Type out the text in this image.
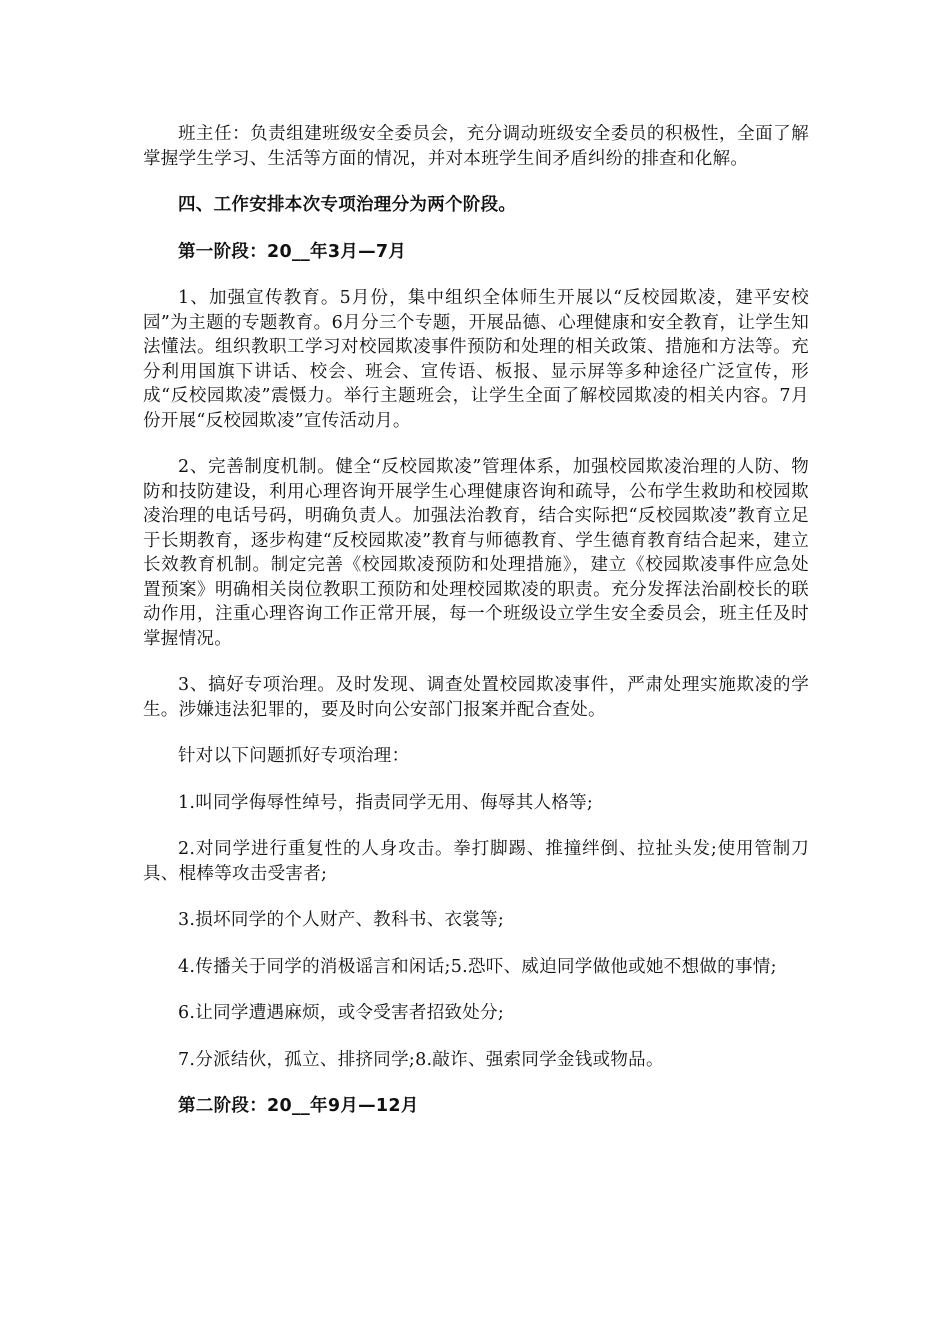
班主任：负责组建班级安全委员会，充分调动班级安全委员的积极性，全面了解掌握学生学习、生活等方面的情况，并对本班学生间矛盾纠纷的排查和化解。

四、工作安排本次专项治理分为两个阶段。

第一阶段：20__年3月—7月

1、加强宣传教育。5月份，集中组织全体师生开展以“反校园欺凌，建平安校园”为主题的专题教育。6月分三个专题，开展品德、心理健康和安全教育，让学生知法懂法。组织教职工学习对校园欺凌事件预防和处理的相关政策、措施和方法等。充分利用国旗下讲话、校会、班会、宣传语、板报、显示屏等多种途径广泛宣传，形成“反校园欺凌”震慑力。举行主题班会，让学生全面了解校园欺凌的相关内容。7月份开展“反校园欺凌”宣传活动月。

2、完善制度机制。健全“反校园欺凌”管理体系，加强校园欺凌治理的人防、物防和技防建设，利用心理咨询开展学生心理健康咨询和疏导，公布学生救助和校园欺凌治理的电话号码，明确负责人。加强法治教育，结合实际把“反校园欺凌”教育立足于长期教育，逐步构建“反校园欺凌”教育与师德教育、学生德育教育结合起来，建立长效教育机制。制定完善《校园欺凌预防和处理措施》，建立《校园欺凌事件应急处置预案》明确相关岗位教职工预防和处理校园欺凌的职责。充分发挥法治副校长的联动作用，注重心理咨询工作正常开展，每一个班级设立学生安全委员会，班主任及时掌握情况。

3、搞好专项治理。及时发现、调查处置校园欺凌事件，严肃处理实施欺凌的学生。涉嫌违法犯罪的，要及时向公安部门报案并配合查处。

针对以下问题抓好专项治理：

1.叫同学侮辱性绰号，指责同学无用、侮辱其人格等;

2.对同学进行重复性的人身攻击。拳打脚踢、推撞绊倒、拉扯头发;使用管制刀具、棍棒等攻击受害者;

3.损坏同学的个人财产、教科书、衣裳等;

4.传播关于同学的消极谣言和闲话;5.恐吓、威迫同学做他或她不想做的事情;

6.让同学遭遇麻烦，或令受害者招致处分;

7.分派结伙，孤立、排挤同学;8.敲诈、强索同学金钱或物品。

第二阶段：20__年9月—12月
